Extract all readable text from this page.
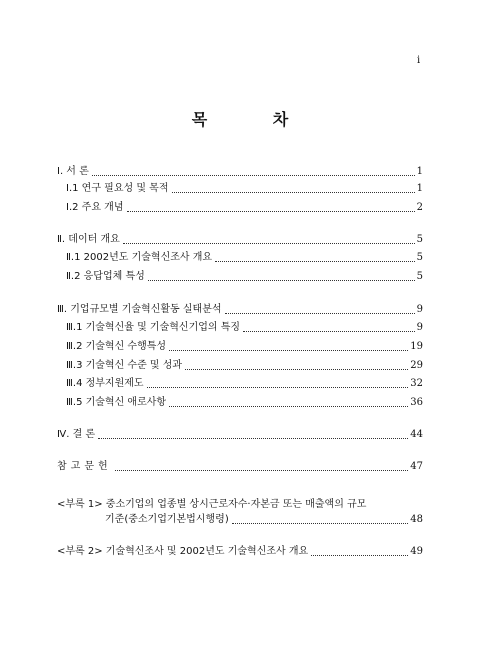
i
목 차
Ⅰ. 서 론	1
Ⅰ.1 연구 필요성 및 목적	1
Ⅰ.2 주요 개념	2
Ⅱ. 데이터 개요	5
Ⅱ.1 2002년도 기술혁신조사 개요	5
Ⅱ.2 응답업체 특성	5
Ⅲ. 기업규모별 기술혁신활동 실태분석	9
Ⅲ.1 기술혁신율 및 기술혁신기업의 특징	9
Ⅲ.2 기술혁신 수행특성	19
Ⅲ.3 기술혁신 수준 및 성과	29
Ⅲ.4 정부지원제도	32
Ⅲ.5 기술혁신 애로사항	36
Ⅳ. 결 론	44
참고문헌	47
<부록 1> 중소기업의 업종별 상시근로자수·자본금 또는 매출액의 규모
기준(중소기업기본법시행령)	48
<부록 2> 기술혁신조사 및 2002년도 기술혁신조사 개요	49
